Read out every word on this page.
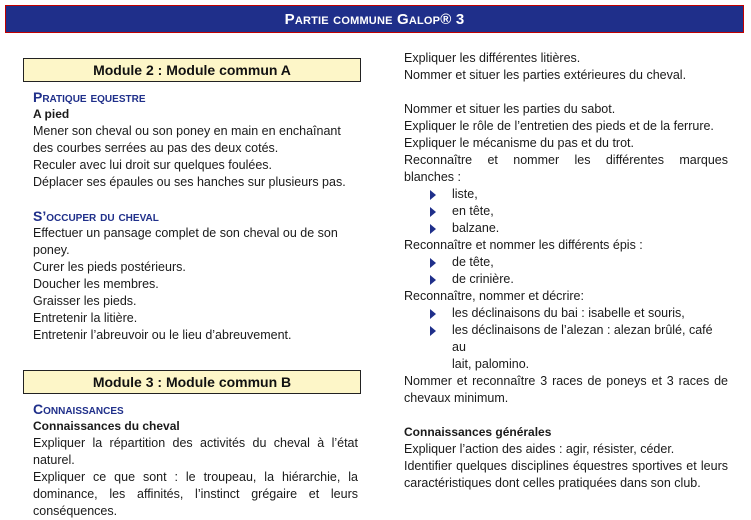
Partie commune Galop® 3
Module 2 : Module commun A

Pratique equestre

A pied

Mener son cheval ou son poney en main en enchaînant

des courbes serrées au pas des deux cotés.

Reculer avec lui droit sur quelques foulées.

Déplacer ses épaules ou ses hanches sur plusieurs pas.

S’occuper du cheval

Effectuer un pansage complet de son cheval ou de son

poney.

Curer les pieds postérieurs.

Doucher les membres.

Graisser les pieds.

Entretenir la litière.

Entretenir l’abreuvoir ou le lieu d’abreuvement.

Module 3 : Module commun B

Connaissances

Connaissances du cheval

Expliquer la répartition des activités du cheval à l’état

naturel.

Expliquer ce que sont : le troupeau, la hiérarchie, la

dominance, les affinités, l’instinct grégaire et leurs

conséquences.

Expliquer les différentes litières.

Nommer et situer les parties extérieures du cheval.

Nommer et situer les parties du sabot.

Expliquer le rôle de l’entretien des pieds et de la ferrure.

Expliquer le mécanisme du pas et du trot.

Reconnaître et nommer les différentes marques

blanches :

liste,

en tête,

balzane.

Reconnaître et nommer les différents épis :

de tête,

de crinière.

Reconnaître, nommer et décrire:

les déclinaisons du bai : isabelle et souris,

les déclinaisons de l’alezan : alezan brûlé, café au

lait, palomino.

Nommer et reconnaître 3 races de poneys et 3 races de

chevaux minimum.

Connaissances générales

Expliquer l’action des aides : agir, résister, céder.

Identifier quelques disciplines équestres sportives et leurs

caractéristiques dont celles pratiquées dans son club.
